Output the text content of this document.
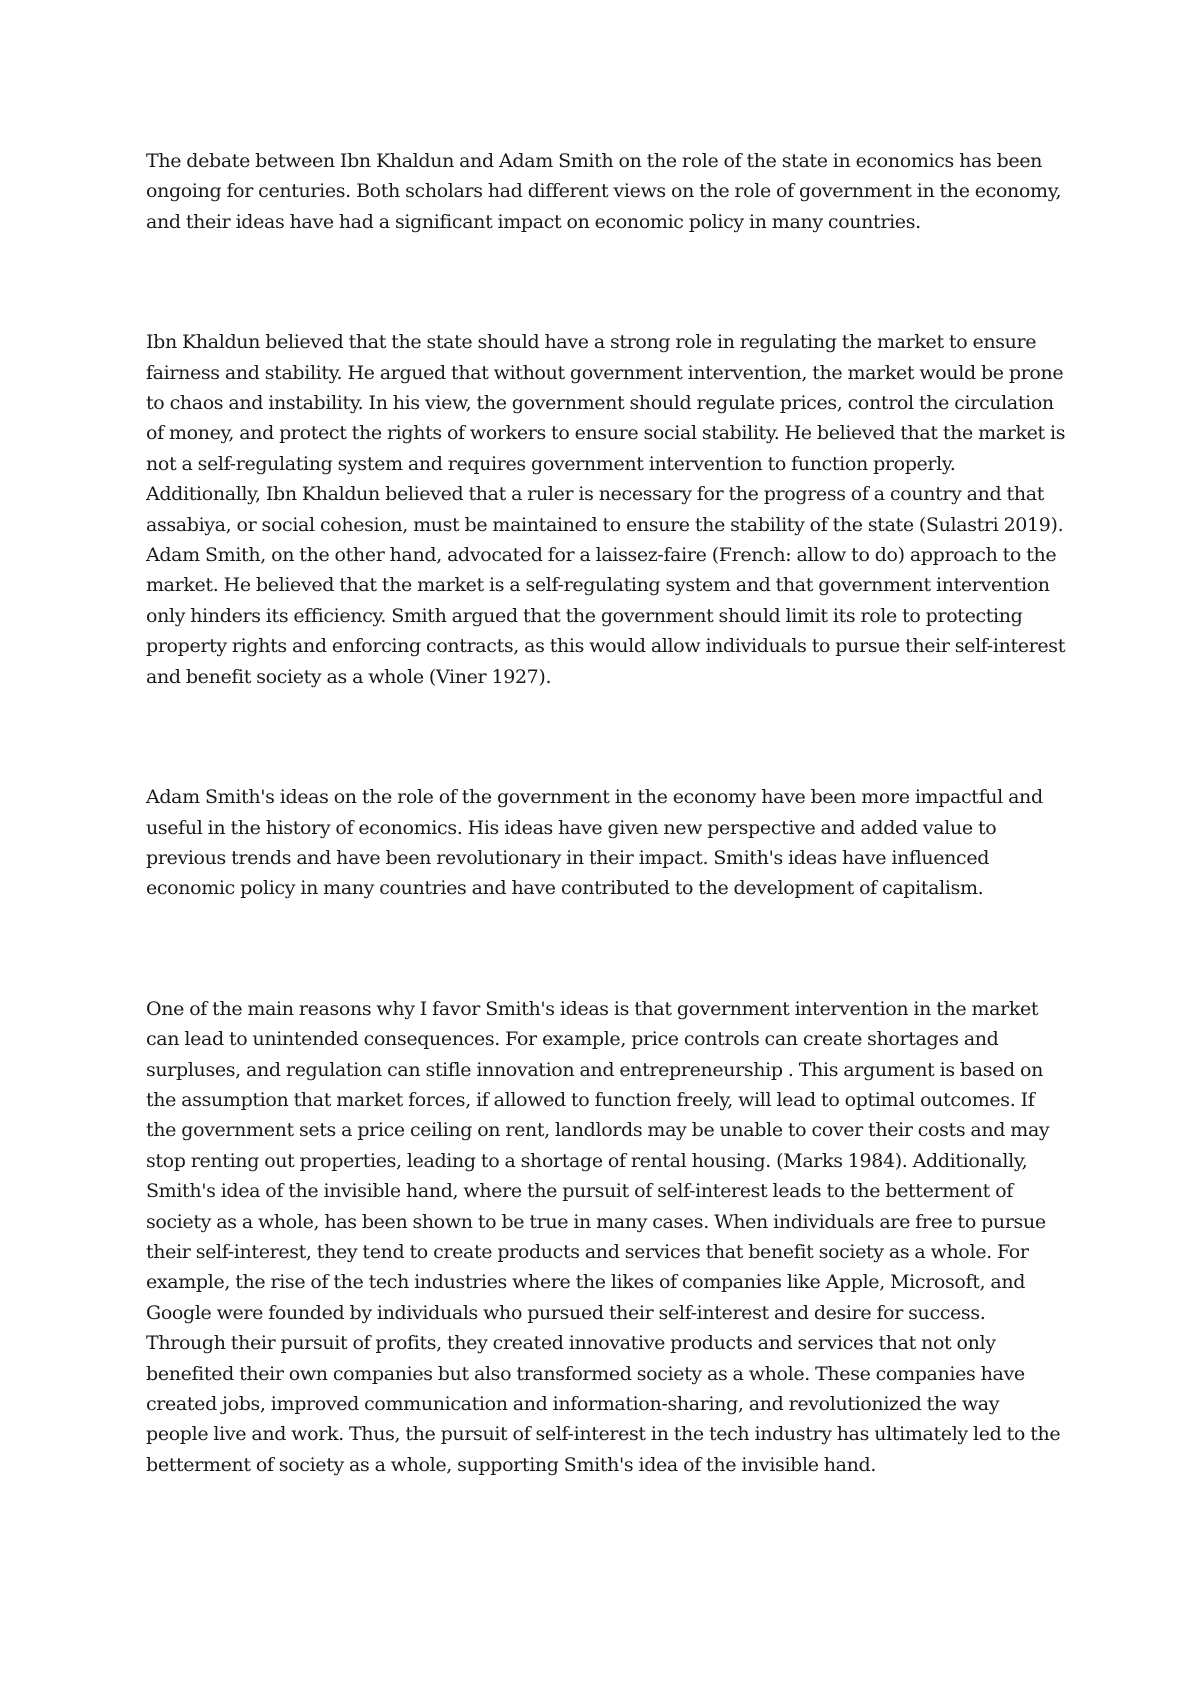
The debate between Ibn Khaldun and Adam Smith on the role of the state in economics has been ongoing for centuries. Both scholars had different views on the role of government in the economy, and their ideas have had a significant impact on economic policy in many countries.

Ibn Khaldun believed that the state should have a strong role in regulating the market to ensure fairness and stability. He argued that without government intervention, the market would be prone to chaos and instability. In his view, the government should regulate prices, control the circulation of money, and protect the rights of workers to ensure social stability. He believed that the market is not a self-regulating system and requires government intervention to function properly. Additionally, Ibn Khaldun believed that a ruler is necessary for the progress of a country and that assabiya, or social cohesion, must be maintained to ensure the stability of the state (Sulastri 2019). Adam Smith, on the other hand, advocated for a laissez-faire (French: allow to do) approach to the market. He believed that the market is a self-regulating system and that government intervention only hinders its efficiency. Smith argued that the government should limit its role to protecting property rights and enforcing contracts, as this would allow individuals to pursue their self-interest and benefit society as a whole (Viner 1927).

Adam Smith's ideas on the role of the government in the economy have been more impactful and useful in the history of economics. His ideas have given new perspective and added value to previous trends and have been revolutionary in their impact. Smith's ideas have influenced economic policy in many countries and have contributed to the development of capitalism.

One of the main reasons why I favor Smith's ideas is that government intervention in the market can lead to unintended consequences. For example, price controls can create shortages and surpluses, and regulation can stifle innovation and entrepreneurship . This argument is based on the assumption that market forces, if allowed to function freely, will lead to optimal outcomes. If the government sets a price ceiling on rent, landlords may be unable to cover their costs and may stop renting out properties, leading to a shortage of rental housing. (Marks 1984). Additionally, Smith's idea of the invisible hand, where the pursuit of self-interest leads to the betterment of society as a whole, has been shown to be true in many cases. When individuals are free to pursue their self-interest, they tend to create products and services that benefit society as a whole. For example, the rise of the tech industries where the likes of companies like Apple, Microsoft, and Google were founded by individuals who pursued their self-interest and desire for success. Through their pursuit of profits, they created innovative products and services that not only benefited their own companies but also transformed society as a whole. These companies have created jobs, improved communication and information-sharing, and revolutionized the way people live and work. Thus, the pursuit of self-interest in the tech industry has ultimately led to the betterment of society as a whole, supporting Smith's idea of the invisible hand.
